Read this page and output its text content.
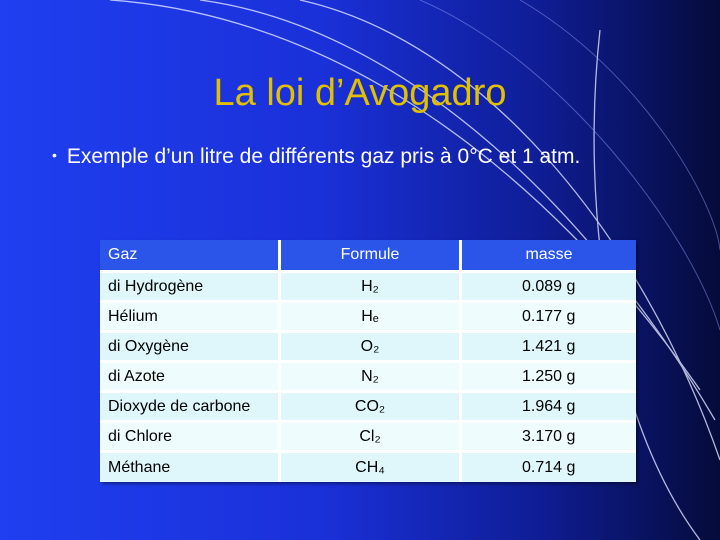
La loi d’Avogadro
• Exemple d’un litre de différents gaz pris à 0°C et 1 atm.
Gaz	Formule	masse
di Hydrogène	H₂	0.089 g
Hélium	Hₑ	0.177 g
di Oxygène	O₂	1.421 g
di Azote	N₂	1.250 g
Dioxyde de carbone	CO₂	1.964 g
di Chlore	Cl₂	3.170 g
Méthane	CH₄	0.714 g
